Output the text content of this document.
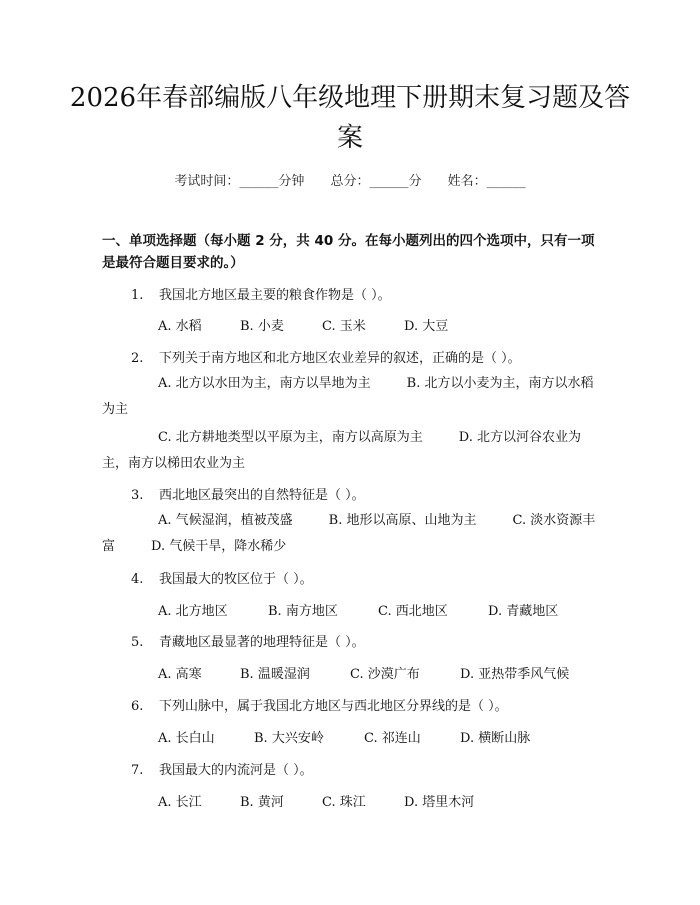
2026年春部编版八年级地理下册期末复习题及答案
考试时间：______分钟 总分：______分 姓名：______

一、单项选择题（每小题 2 分，共 40 分。在每小题列出的四个选项中，只有一项是最符合题目要求的。）

1. 我国北方地区最主要的粮食作物是（ ）。
A. 水稻	B. 小麦	C. 玉米	D. 大豆
2. 下列关于南方地区和北方地区农业差异的叙述，正确的是（ ）。

A. 北方以水田为主，南方以旱地为主	B. 北方以小麦为主，南方以水稻为主

C. 北方耕地类型以平原为主，南方以高原为主	D. 北方以河谷农业为主，南方以梯田农业为主

3. 西北地区最突出的自然特征是（ ）。

A. 气候湿润，植被茂盛	B. 地形以高原、山地为主	C. 淡水资源丰富	D. 气候干旱，降水稀少

4. 我国最大的牧区位于（ ）。
A. 北方地区	B. 南方地区	C. 西北地区	D. 青藏地区
5. 青藏地区最显著的地理特征是（ ）。
A. 高寒	B. 温暖湿润	C. 沙漠广布	D. 亚热带季风气候
6. 下列山脉中，属于我国北方地区与西北地区分界线的是（ ）。
A. 长白山	B. 大兴安岭	C. 祁连山	D. 横断山脉
7. 我国最大的内流河是（ ）。
A. 长江	B. 黄河	C. 珠江	D. 塔里木河
